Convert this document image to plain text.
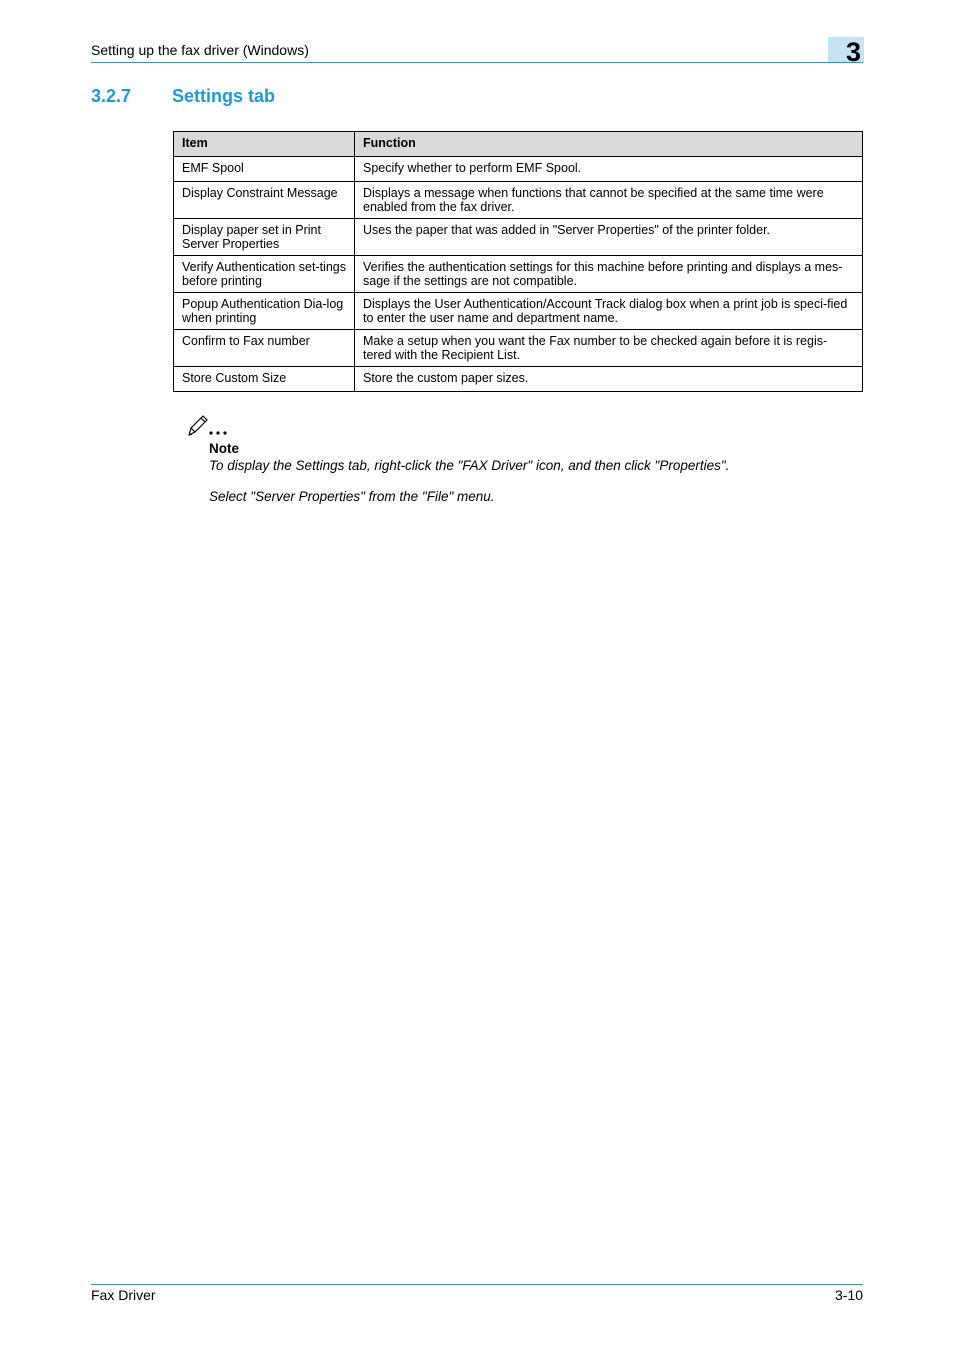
Setting up the fax driver (Windows)	3
3.2.7 Settings tab
Item	Function
EMF Spool	Specify whether to perform EMF Spool.
Display Constraint Message	Displays a message when functions that cannot be specified at the same time were enabled from the fax driver.
Display paper set in Print Server Properties	Uses the paper that was added in "Server Properties" of the printer folder.
Verify Authentication set-tings before printing	Verifies the authentication settings for this machine before printing and displays a mes-sage if the settings are not compatible.
Popup Authentication Dia-log when printing	Displays the User Authentication/Account Track dialog box when a print job is speci-fied to enter the user name and department name.
Confirm to Fax number	Make a setup when you want the Fax number to be checked again before it is regis-tered with the Recipient List.
Store Custom Size	Store the custom paper sizes.
Note
To display the Settings tab, right-click the "FAX Driver" icon, and then click "Properties".
Select "Server Properties" from the "File" menu.
Fax Driver	3-10
